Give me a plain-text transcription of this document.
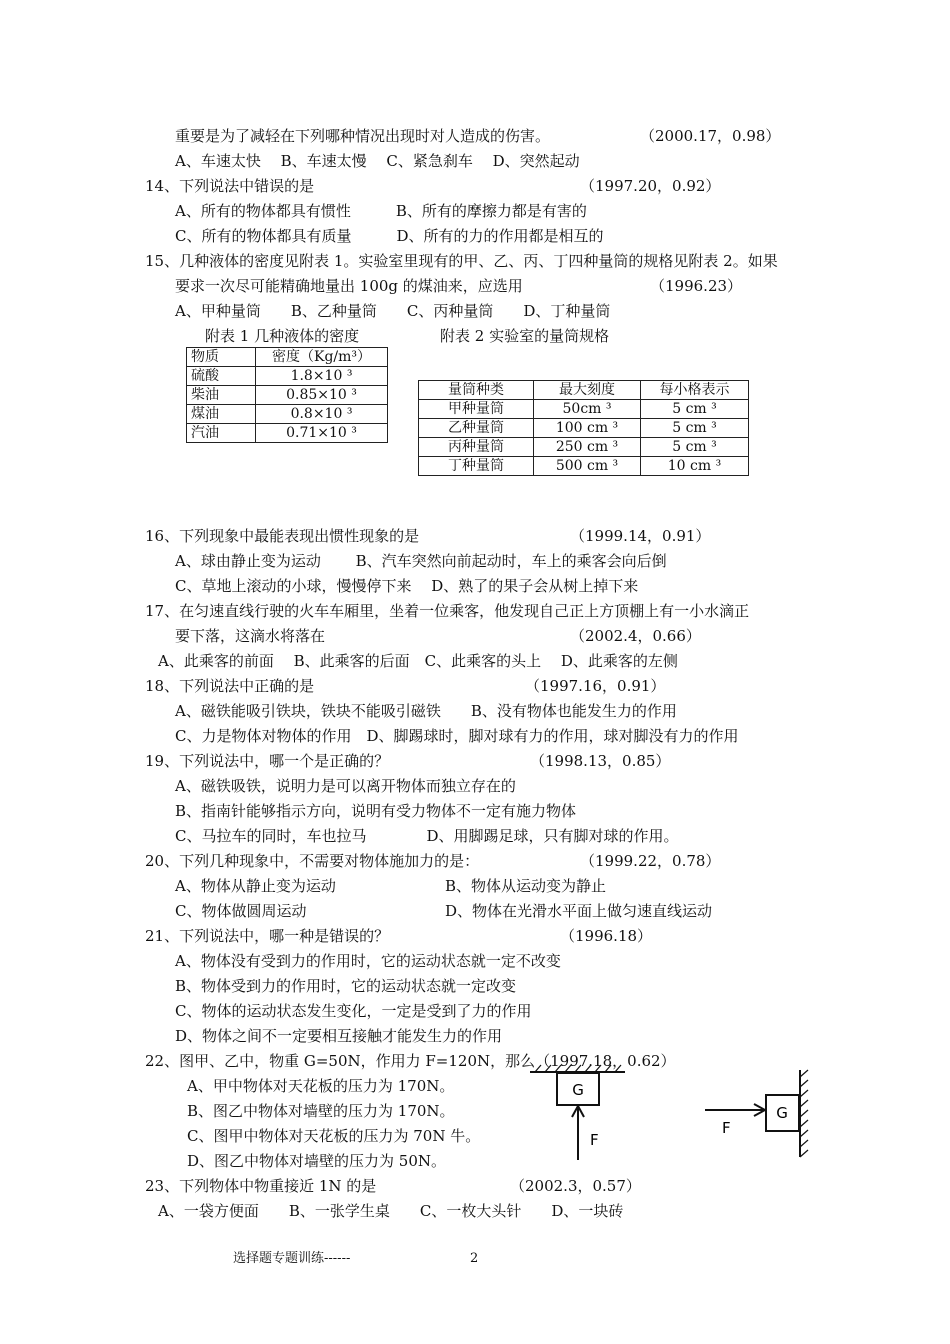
重要是为了减轻在下列哪种情况出现时对人造成的伤害。	（2000.17，0.98）
A、车速太快　 B、车速太慢　 C、紧急刹车　 D、突然起动
14、下列说法中错误的是	（1997.20，0.92）
A、所有的物体都具有惯性　　　B、所有的摩擦力都是有害的
C、所有的物体都具有质量　　　D、所有的力的作用都是相互的
15、几种液体的密度见附表 1。实验室里现有的甲、乙、丙、丁四种量筒的规格见附表 2。如果
要求一次尽可能精确地量出 100g 的煤油来，应选用	（1996.23）
A、甲种量筒　　B、乙种量筒　　C、丙种量筒　　D、丁种量筒
附表 1 几种液体的密度	附表 2 实验室的量筒规格
物质	密度（Kg/m³）
硫酸	1.8×10 ³
柴油	0.85×10 ³
煤油	0.8×10 ³
汽油	0.71×10 ³
量筒种类	最大刻度	每小格表示
甲种量筒	50cm ³	5 cm ³
乙种量筒	100 cm ³	5 cm ³
丙种量筒	250 cm ³	5 cm ³
丁种量筒	500 cm ³	10 cm ³
16、下列现象中最能表现出惯性现象的是	（1999.14，0.91）
A、球由静止变为运动　　 B、汽车突然向前起动时，车上的乘客会向后倒
C、草地上滚动的小球，慢慢停下来　 D、熟了的果子会从树上掉下来
17、在匀速直线行驶的火车车厢里，坐着一位乘客，他发现自己正上方顶棚上有一小水滴正
要下落，这滴水将落在	（2002.4，0.66）
A、此乘客的前面　 B、此乘客的后面　C、此乘客的头上　 D、此乘客的左侧
18、下列说法中正确的是	（1997.16，0.91）
A、磁铁能吸引铁块，铁块不能吸引磁铁　　B、没有物体也能发生力的作用
C、力是物体对物体的作用　D、脚踢球时，脚对球有力的作用，球对脚没有力的作用
19、下列说法中，哪一个是正确的？	（1998.13，0.85）
A、磁铁吸铁，说明力是可以离开物体而独立存在的
B、指南针能够指示方向，说明有受力物体不一定有施力物体
C、马拉车的同时，车也拉马　　　　D、用脚踢足球，只有脚对球的作用。
20、下列几种现象中，不需要对物体施加力的是：	（1999.22，0.78）
A、物体从静止变为运动	B、物体从运动变为静止
C、物体做圆周运动	D、物体在光滑水平面上做匀速直线运动
21、下列说法中，哪一种是错误的？	（1996.18）
A、物体没有受到力的作用时，它的运动状态就一定不改变
B、物体受到力的作用时，它的运动状态就一定改变
C、物体的运动状态发生变化，一定是受到了力的作用
D、物体之间不一定要相互接触才能发生力的作用
22、图甲、乙中，物重 G=50N，作用力 F=120N，那么（1997.18，0.62）
A、甲中物体对天花板的压力为 170N。
B、图乙中物体对墙壁的压力为 170N。
C、图甲中物体对天花板的压力为 70N 牛。
D、图乙中物体对墙壁的压力为 50N。
G
F
G
F
23、下列物体中物重接近 1N 的是	（2002.3，0.57）
A、一袋方便面　　B、一张学生桌　　C、一枚大头针　　D、一块砖
选择题专题训练------	2
